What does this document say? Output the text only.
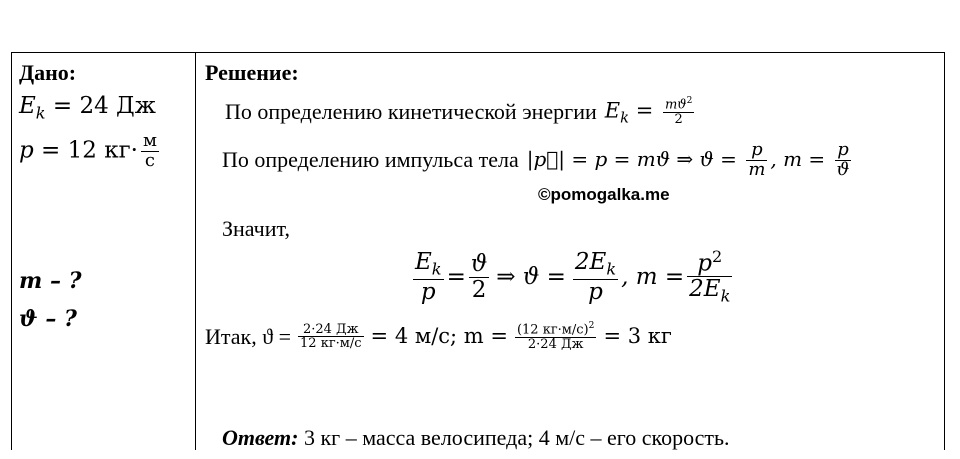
Дано:
$E_k = 24$ Дж
p = 12 $кг\cdot \frac{м}{с}$
m – ?
ϑ – ?
Решение:
По определению кинетической энергии $E_k = \frac{mϑ^2}{2}$
По определению импульса тела |p⃗| = p = mϑ ⇒ $ϑ = \frac{p}{m}$ , $m = \frac{p}{ϑ}$
©pomogalka.me
Значит,
$\frac{E_k}{p} = \frac{ϑ}{2}$ ⇒ $ϑ = \frac{2E_k}{p}$ , $m = \frac{p^2}{2E_k}$
Итак, $ϑ = \frac{2\cdot 24 Дж}{12 кг\cdot м/с} = 4$ м/с; $m = \frac{(12 кг\cdot м/с)^2}{2\cdot 24 Дж} = 3$ кг
Ответ: 3 кг – масса велосипеда; 4 м/с – его скорость.
